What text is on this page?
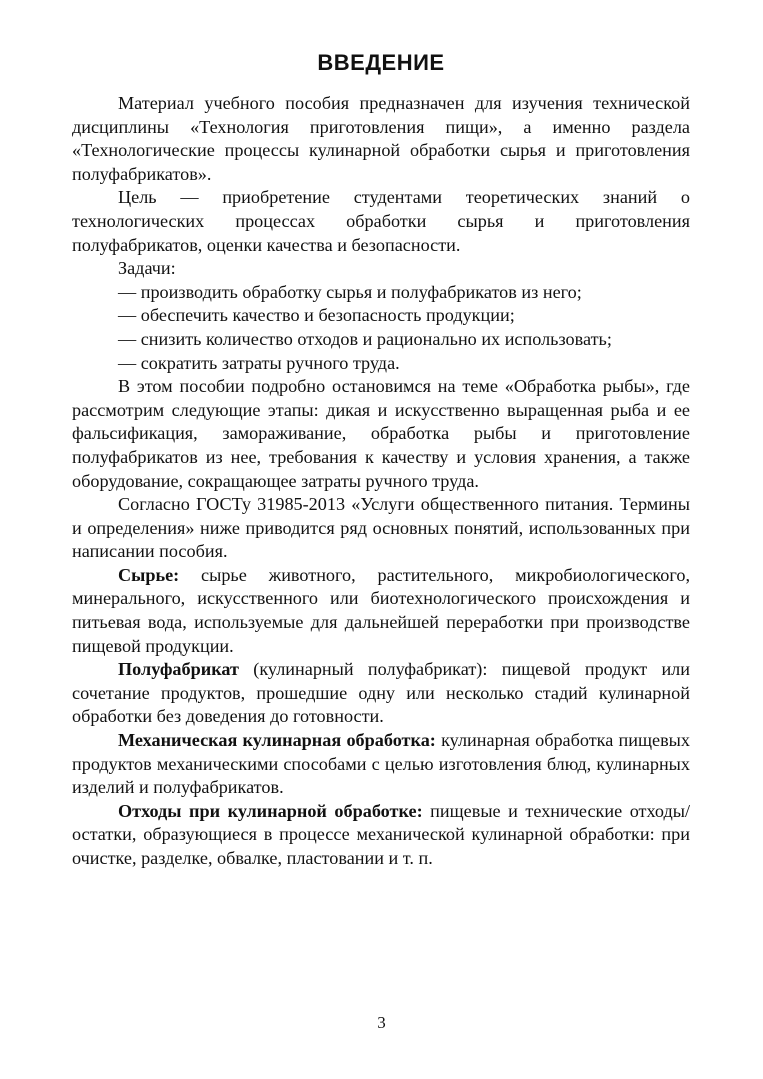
ВВЕДЕНИЕ

Материал учебного пособия предназначен для изучения технической дисциплины «Технология приготовления пищи», а именно раздела «Технологические процессы кулинарной обработки сырья и приготовления полуфабрикатов».

Цель — приобретение студентами теоретических знаний о технологических процессах обработки сырья и приготовления полуфабрикатов, оценки качества и безопасности.

Задачи:

— производить обработку сырья и полуфабрикатов из него;

— обеспечить качество и безопасность продукции;

— снизить количество отходов и рационально их использовать;

— сократить затраты ручного труда.

В этом пособии подробно остановимся на теме «Обработка рыбы», где рассмотрим следующие этапы: дикая и искусственно выращенная рыба и ее фальсификация, замораживание, обработка рыбы и приготовление полуфабрикатов из нее, требования к качеству и условия хранения, а также оборудование, сокращающее затраты ручного труда.

Согласно ГОСТу 31985-2013 «Услуги общественного питания. Термины и определения» ниже приводится ряд основных понятий, использованных при написании пособия.

Сырье: сырье животного, растительного, микробиологического, минерального, искусственного или биотехнологического происхождения и питьевая вода, используемые для дальнейшей переработки при производстве пищевой продукции.

Полуфабрикат (кулинарный полуфабрикат): пищевой продукт или сочетание продуктов, прошедшие одну или несколько стадий кулинарной обработки без доведения до готовности.

Механическая кулинарная обработка: кулинарная обработка пищевых продуктов механическими способами с целью изготовления блюд, кулинарных изделий и полуфабрикатов.

Отходы при кулинарной обработке: пищевые и технические отходы/остатки, образующиеся в процессе механической кулинарной обработки: при очистке, разделке, обвалке, пластовании и т. п.

3
